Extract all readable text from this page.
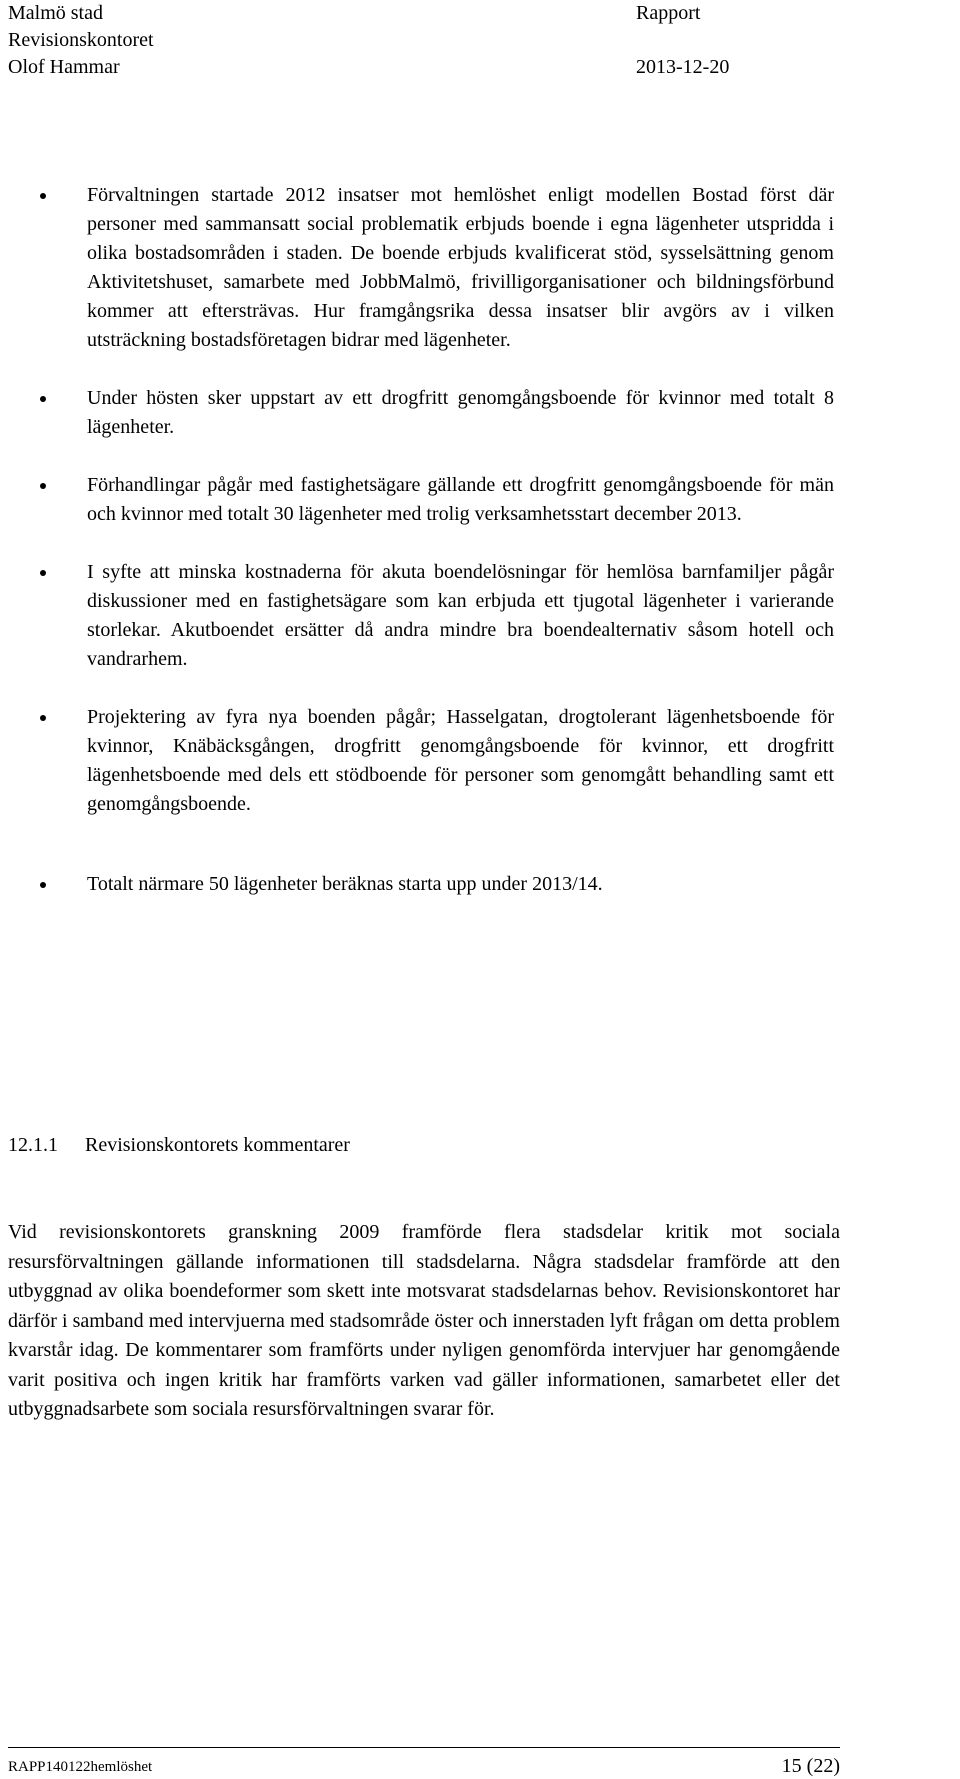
Malmö stad	Rapport
Revisionskontoret
Olof Hammar	2013-12-20
Förvaltningen startade 2012 insatser mot hemlöshet enligt modellen Bostad först där personer med sammansatt social problematik erbjuds boende i egna lägenheter utspridda i olika bostadsområden i staden. De boende erbjuds kvalificerat stöd, sysselsättning genom Aktivitetshuset, samarbete med JobbMalmö, frivilligorganisationer och bildningsförbund kommer att eftersträvas. Hur framgångsrika dessa insatser blir avgörs av i vilken utsträckning bostadsföretagen bidrar med lägenheter.
Under hösten sker uppstart av ett drogfritt genomgångsboende för kvinnor med totalt 8 lägenheter.
Förhandlingar pågår med fastighetsägare gällande ett drogfritt genomgångsboende för män och kvinnor med totalt 30 lägenheter med trolig verksamhetsstart december 2013.
I syfte att minska kostnaderna för akuta boendelösningar för hemlösa barnfamiljer pågår diskussioner med en fastighetsägare som kan erbjuda ett tjugotal lägenheter i varierande storlekar. Akutboendet ersätter då andra mindre bra boendealternativ såsom hotell och vandrarhem.
Projektering av fyra nya boenden pågår; Hasselgatan, drogtolerant lägenhetsboende för kvinnor, Knäbäcksgången, drogfritt genomgångsboende för kvinnor, ett drogfritt lägenhetsboende med dels ett stödboende för personer som genomgått behandling samt ett genomgångsboende.
Totalt närmare 50 lägenheter beräknas starta upp under 2013/14.
12.1.1 Revisionskontorets kommentarer
Vid revisionskontorets granskning 2009 framförde flera stadsdelar kritik mot sociala resursförvaltningen gällande informationen till stadsdelarna. Några stadsdelar framförde att den utbyggnad av olika boendeformer som skett inte motsvarat stadsdelarnas behov. Revisionskontoret har därför i samband med intervjuerna med stadsområde öster och innerstaden lyft frågan om detta problem kvarstår idag. De kommentarer som framförts under nyligen genomförda intervjuer har genomgående varit positiva och ingen kritik har framförts varken vad gäller informationen, samarbetet eller det utbyggnadsarbete som sociala resursförvaltningen svarar för.
RAPP140122hemlöshet	15 (22)
